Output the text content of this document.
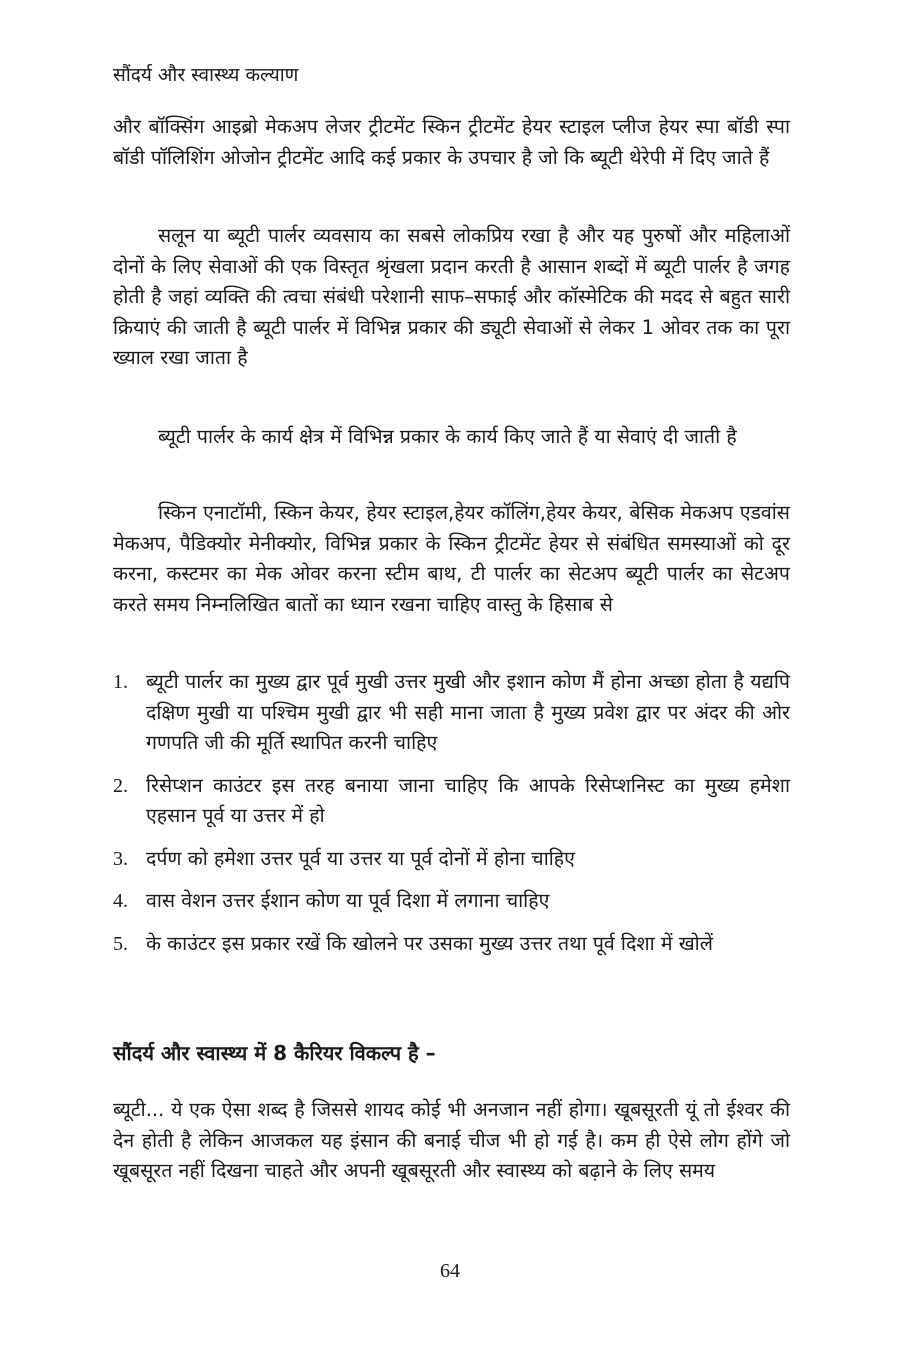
सौंदर्य और स्वास्थ्य कल्याण

और बॉक्सिंग आइब्रो मेकअप लेजर ट्रीटमेंट स्किन ट्रीटमेंट हेयर स्टाइल प्लीज हेयर स्पा बॉडी स्पा बॉडी पॉलिशिंग ओजोन ट्रीटमेंट आदि कई प्रकार के उपचार है जो कि ब्यूटी थेरेपी में दिए जाते हैं

सलून या ब्यूटी पार्लर व्यवसाय का सबसे लोकप्रिय रखा है और यह पुरुषों और महिलाओं दोनों के लिए सेवाओं की एक विस्तृत श्रृंखला प्रदान करती है आसान शब्दों में ब्यूटी पार्लर है जगह होती है जहां व्यक्ति की त्वचा संबंधी परेशानी साफ–सफाई और कॉस्मेटिक की मदद से बहुत सारी क्रियाएं की जाती है ब्यूटी पार्लर में विभिन्न प्रकार की ड्यूटी सेवाओं से लेकर 1 ओवर तक का पूरा ख्याल रखा जाता है

ब्यूटी पार्लर के कार्य क्षेत्र में विभिन्न प्रकार के कार्य किए जाते हैं या सेवाएं दी जाती है

स्किन एनाटॉमी, स्किन केयर, हेयर स्टाइल,हेयर कॉलिंग,हेयर केयर, बेसिक मेकअप एडवांस मेकअप, पैडिक्योर मेनीक्योर, विभिन्न प्रकार के स्किन ट्रीटमेंट हेयर से संबंधित समस्याओं को दूर करना, कस्टमर का मेक ओवर करना स्टीम बाथ, टी पार्लर का सेटअप ब्यूटी पार्लर का सेटअप करते समय निम्नलिखित बातों का ध्यान रखना चाहिए वास्तु के हिसाब से

1. ब्यूटी पार्लर का मुख्य द्वार पूर्व मुखी उत्तर मुखी और इशान कोण मैं होना अच्छा होता है यद्यपि दक्षिण मुखी या पश्चिम मुखी द्वार भी सही माना जाता है मुख्य प्रवेश द्वार पर अंदर की ओर गणपति जी की मूर्ति स्थापित करनी चाहिए
2. रिसेप्शन काउंटर इस तरह बनाया जाना चाहिए कि आपके रिसेप्शनिस्ट का मुख्य हमेशा एहसान पूर्व या उत्तर में हो
3. दर्पण को हमेशा उत्तर पूर्व या उत्तर या पूर्व दोनों में होना चाहिए
4. वास वेशन उत्तर ईशान कोण या पूर्व दिशा में लगाना चाहिए
5. के काउंटर इस प्रकार रखें कि खोलने पर उसका मुख्य उत्तर तथा पूर्व दिशा में खोलें
सौंदर्य और स्वास्थ्य में 8 कैरियर विकल्प है –

ब्यूटी... ये एक ऐसा शब्द है जिससे शायद कोई भी अनजान नहीं होगा। खूबसूरती यूं तो ईश्वर की देन होती है लेकिन आजकल यह इंसान की बनाई चीज भी हो गई है। कम ही ऐसे लोग होंगे जो खूबसूरत नहीं दिखना चाहते और अपनी खूबसूरती और स्वास्थ्य को बढ़ाने के लिए समय

64
